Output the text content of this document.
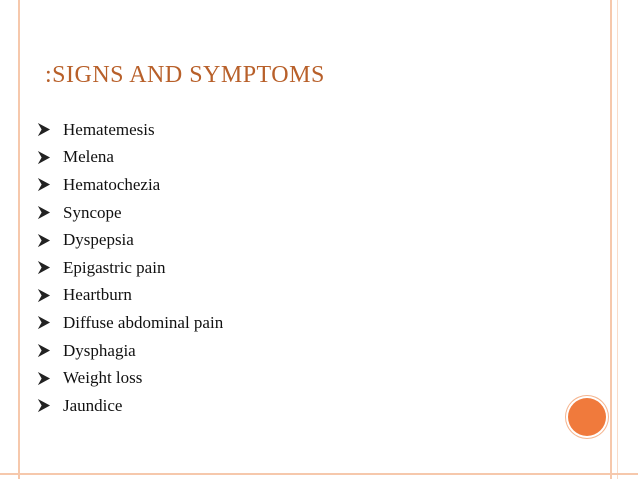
:SIGNS AND SYMPTOMS
Hematemesis
Melena
Hematochezia
Syncope
Dyspepsia
Epigastric pain
Heartburn
Diffuse abdominal pain
Dysphagia
Weight loss
Jaundice
